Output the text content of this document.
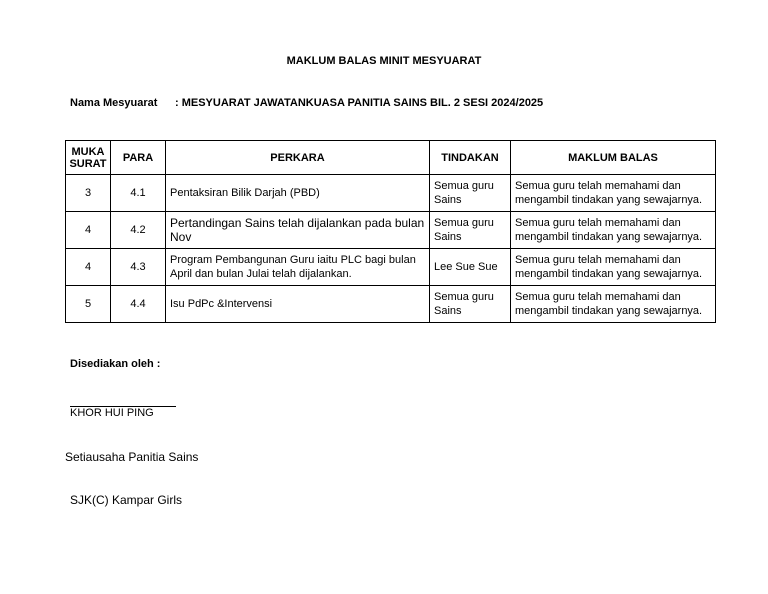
MAKLUM BALAS MINIT MESYUARAT
Nama Mesyuarat : MESYUARAT JAWATANKUASA PANITIA SAINS BIL. 2 SESI 2024/2025
MUKA
SURAT	PARA	PERKARA	TINDAKAN	MAKLUM BALAS
3	4.1	Pentaksiran Bilik Darjah (PBD)	Semua guru Sains	Semua guru telah memahami dan mengambil tindakan yang sewajarnya.
4	4.2	Pertandingan Sains telah dijalankan pada bulan Nov	Semua guru Sains	Semua guru telah memahami dan mengambil tindakan yang sewajarnya.
4	4.3	Program Pembangunan Guru iaitu PLC bagi bulan April dan bulan Julai telah dijalankan.	Lee Sue Sue	Semua guru telah memahami dan mengambil tindakan yang sewajarnya.
5	4.4	Isu PdPc &Intervensi	Semua guru Sains	Semua guru telah memahami dan mengambil tindakan yang sewajarnya.
Disediakan oleh :
KHOR HUI PING
Setiausaha Panitia Sains
SJK(C) Kampar Girls
